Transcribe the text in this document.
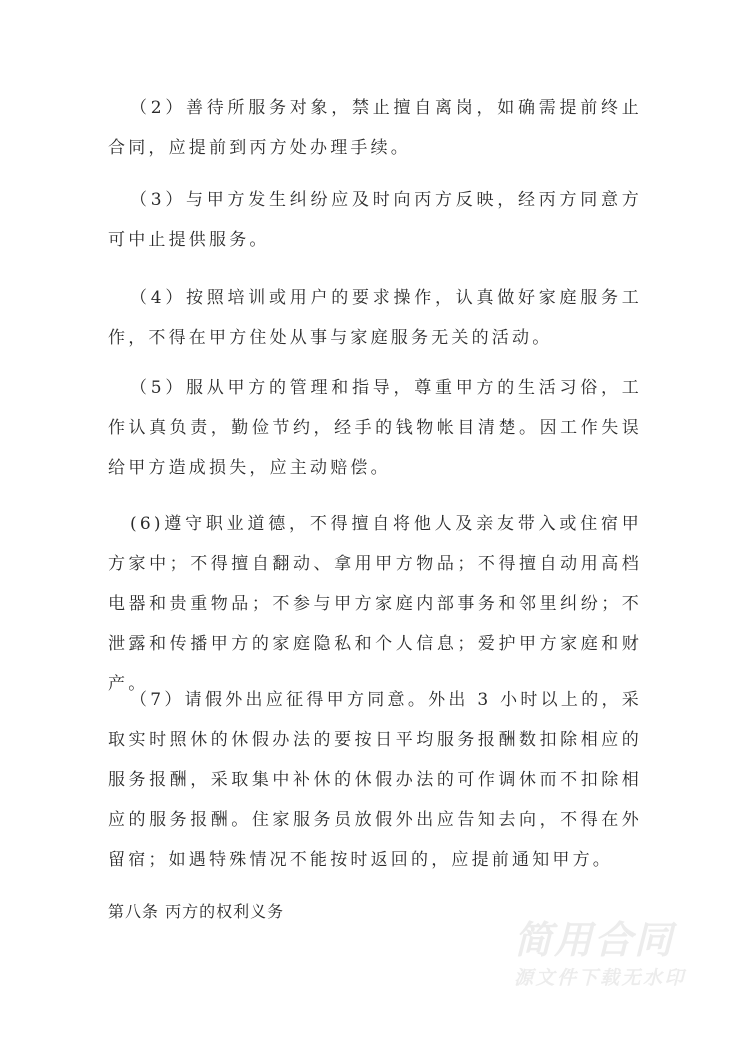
（2）善待所服务对象，禁止擅自离岗，如确需提前终止合同，应提前到丙方处办理手续。

（3）与甲方发生纠纷应及时向丙方反映，经丙方同意方可中止提供服务。

（4）按照培训或用户的要求操作，认真做好家庭服务工作，不得在甲方住处从事与家庭服务无关的活动。

（5）服从甲方的管理和指导，尊重甲方的生活习俗，工作认真负责，勤俭节约，经手的钱物帐目清楚。因工作失误给甲方造成损失，应主动赔偿。

(6)遵守职业道德，不得擅自将他人及亲友带入或住宿甲方家中；不得擅自翻动、拿用甲方物品；不得擅自动用高档电器和贵重物品；不参与甲方家庭内部事务和邻里纠纷；不泄露和传播甲方的家庭隐私和个人信息；爱护甲方家庭和财产。

（7）请假外出应征得甲方同意。外出 3 小时以上的，采取实时照休的休假办法的要按日平均服务报酬数扣除相应的服务报酬，采取集中补休的休假办法的可作调休而不扣除相应的服务报酬。住家服务员放假外出应告知去向，不得在外留宿；如遇特殊情况不能按时返回的，应提前通知甲方。

第八条 丙方的权利义务

简用合同
源文件下载无水印
